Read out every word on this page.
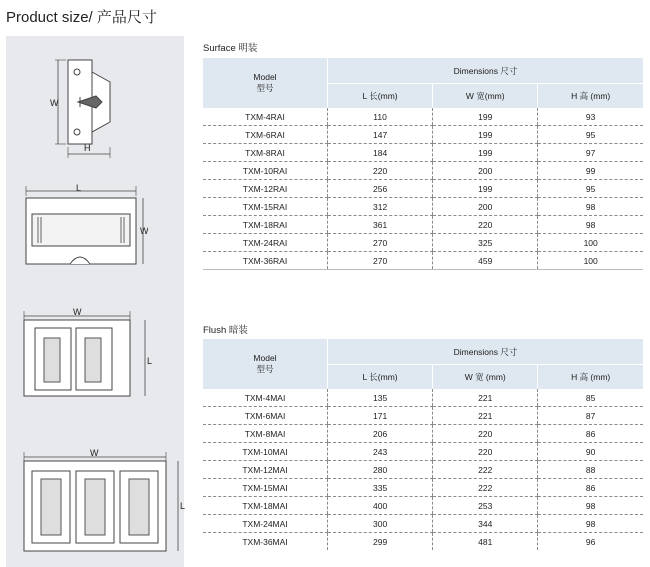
Product size/ 产品尺寸
W
H
L
W
W
L
W
L
Surface 明装
Model
型号	Dimensions 尺寸		
	L 长(mm)	W 宽(mm)	H 高 (mm)
TXM-4RAI	110	199	93
TXM-6RAI	147	199	95
TXM-8RAI	184	199	97
TXM-10RAI	220	200	99
TXM-12RAI	256	199	95
TXM-15RAI	312	200	98
TXM-18RAI	361	220	98
TXM-24RAI	270	325	100
TXM-36RAI	270	459	100
Flush 暗装
Model
型号	Dimensions 尺寸		
	L 长(mm)	W 宽 (mm)	H 高 (mm)
TXM-4MAI	135	221	85
TXM-6MAI	171	221	87
TXM-8MAI	206	220	86
TXM-10MAI	243	220	90
TXM-12MAI	280	222	88
TXM-15MAI	335	222	86
TXM-18MAI	400	253	98
TXM-24MAI	300	344	98
TXM-36MAI	299	481	96
